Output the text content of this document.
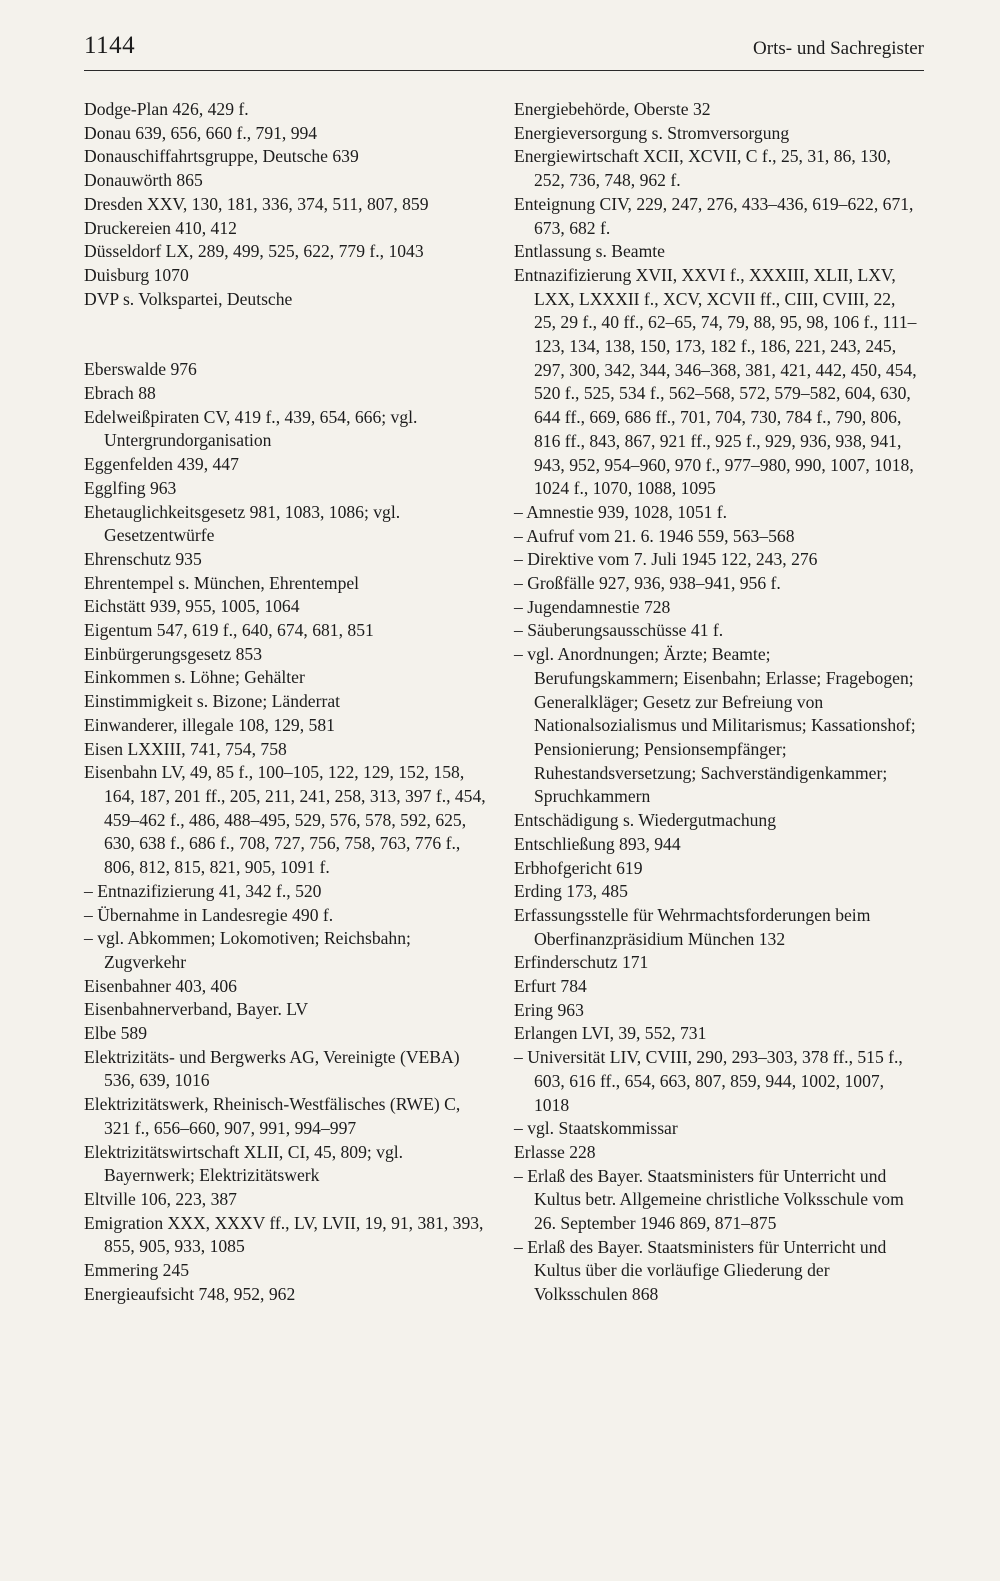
1144	Orts- und Sachregister
Dodge-Plan 426, 429 f.
Donau 639, 656, 660 f., 791, 994
Donauschiffahrtsgruppe, Deutsche 639
Donauwörth 865
Dresden XXV, 130, 181, 336, 374, 511, 807, 859
Druckereien 410, 412
Düsseldorf LX, 289, 499, 525, 622, 779 f., 1043
Duisburg 1070
DVP s. Volkspartei, Deutsche
Eberswalde 976
Ebrach 88
Edelweißpiraten CV, 419 f., 439, 654, 666; vgl. Untergrundorganisation
Eggenfelden 439, 447
Egglfing 963
Ehetauglichkeitsgesetz 981, 1083, 1086; vgl. Gesetzentwürfe
Ehrenschutz 935
Ehrentempel s. München, Ehrentempel
Eichstätt 939, 955, 1005, 1064
Eigentum 547, 619 f., 640, 674, 681, 851
Einbürgerungsgesetz 853
Einkommen s. Löhne; Gehälter
Einstimmigkeit s. Bizone; Länderrat
Einwanderer, illegale 108, 129, 581
Eisen LXXIII, 741, 754, 758
Eisenbahn LV, 49, 85 f., 100–105, 122, 129, 152, 158, 164, 187, 201 ff., 205, 211, 241, 258, 313, 397 f., 454, 459–462 f., 486, 488–495, 529, 576, 578, 592, 625, 630, 638 f., 686 f., 708, 727, 756, 758, 763, 776 f., 806, 812, 815, 821, 905, 1091 f.
– Entnazifizierung 41, 342 f., 520
– Übernahme in Landesregie 490 f.
– vgl. Abkommen; Lokomotiven; Reichsbahn; Zugverkehr
Eisenbahner 403, 406
Eisenbahnerverband, Bayer. LV
Elbe 589
Elektrizitäts- und Bergwerks AG, Vereinigte (VEBA) 536, 639, 1016
Elektrizitätswerk, Rheinisch-Westfälisches (RWE) C, 321 f., 656–660, 907, 991, 994–997
Elektrizitätswirtschaft XLII, CI, 45, 809; vgl. Bayernwerk; Elektrizitätswerk
Eltville 106, 223, 387
Emigration XXX, XXXV ff., LV, LVII, 19, 91, 381, 393, 855, 905, 933, 1085
Emmering 245
Energieaufsicht 748, 952, 962
Energiebehörde, Oberste 32
Energieversorgung s. Stromversorgung
Energiewirtschaft XCII, XCVII, C f., 25, 31, 86, 130, 252, 736, 748, 962 f.
Enteignung CIV, 229, 247, 276, 433–436, 619–622, 671, 673, 682 f.
Entlassung s. Beamte
Entnazifizierung XVII, XXVI f., XXXIII, XLII, LXV, LXX, LXXXII f., XCV, XCVII ff., CIII, CVIII, 22, 25, 29 f., 40 ff., 62–65, 74, 79, 88, 95, 98, 106 f., 111–123, 134, 138, 150, 173, 182 f., 186, 221, 243, 245, 297, 300, 342, 344, 346–368, 381, 421, 442, 450, 454, 520 f., 525, 534 f., 562–568, 572, 579–582, 604, 630, 644 ff., 669, 686 ff., 701, 704, 730, 784 f., 790, 806, 816 ff., 843, 867, 921 ff., 925 f., 929, 936, 938, 941, 943, 952, 954–960, 970 f., 977–980, 990, 1007, 1018, 1024 f., 1070, 1088, 1095
– Amnestie 939, 1028, 1051 f.
– Aufruf vom 21. 6. 1946 559, 563–568
– Direktive vom 7. Juli 1945 122, 243, 276
– Großfälle 927, 936, 938–941, 956 f.
– Jugendamnestie 728
– Säuberungsausschüsse 41 f.
– vgl. Anordnungen; Ärzte; Beamte; Berufungskammern; Eisenbahn; Erlasse; Fragebogen; Generalkläger; Gesetz zur Befreiung von Nationalsozialismus und Militarismus; Kassationshof; Pensionierung; Pensionsempfänger; Ruhestandsversetzung; Sachverständigenkammer; Spruchkammern
Entschädigung s. Wiedergutmachung
Entschließung 893, 944
Erbhofgericht 619
Erding 173, 485
Erfassungsstelle für Wehrmachtsforderungen beim Oberfinanzpräsidium München 132
Erfinderschutz 171
Erfurt 784
Ering 963
Erlangen LVI, 39, 552, 731
– Universität LIV, CVIII, 290, 293–303, 378 ff., 515 f., 603, 616 ff., 654, 663, 807, 859, 944, 1002, 1007, 1018
– vgl. Staatskommissar
Erlasse 228
– Erlaß des Bayer. Staatsministers für Unterricht und Kultus betr. Allgemeine christliche Volksschule vom 26. September 1946 869, 871–875
– Erlaß des Bayer. Staatsministers für Unterricht und Kultus über die vorläufige Gliederung der Volksschulen 868
